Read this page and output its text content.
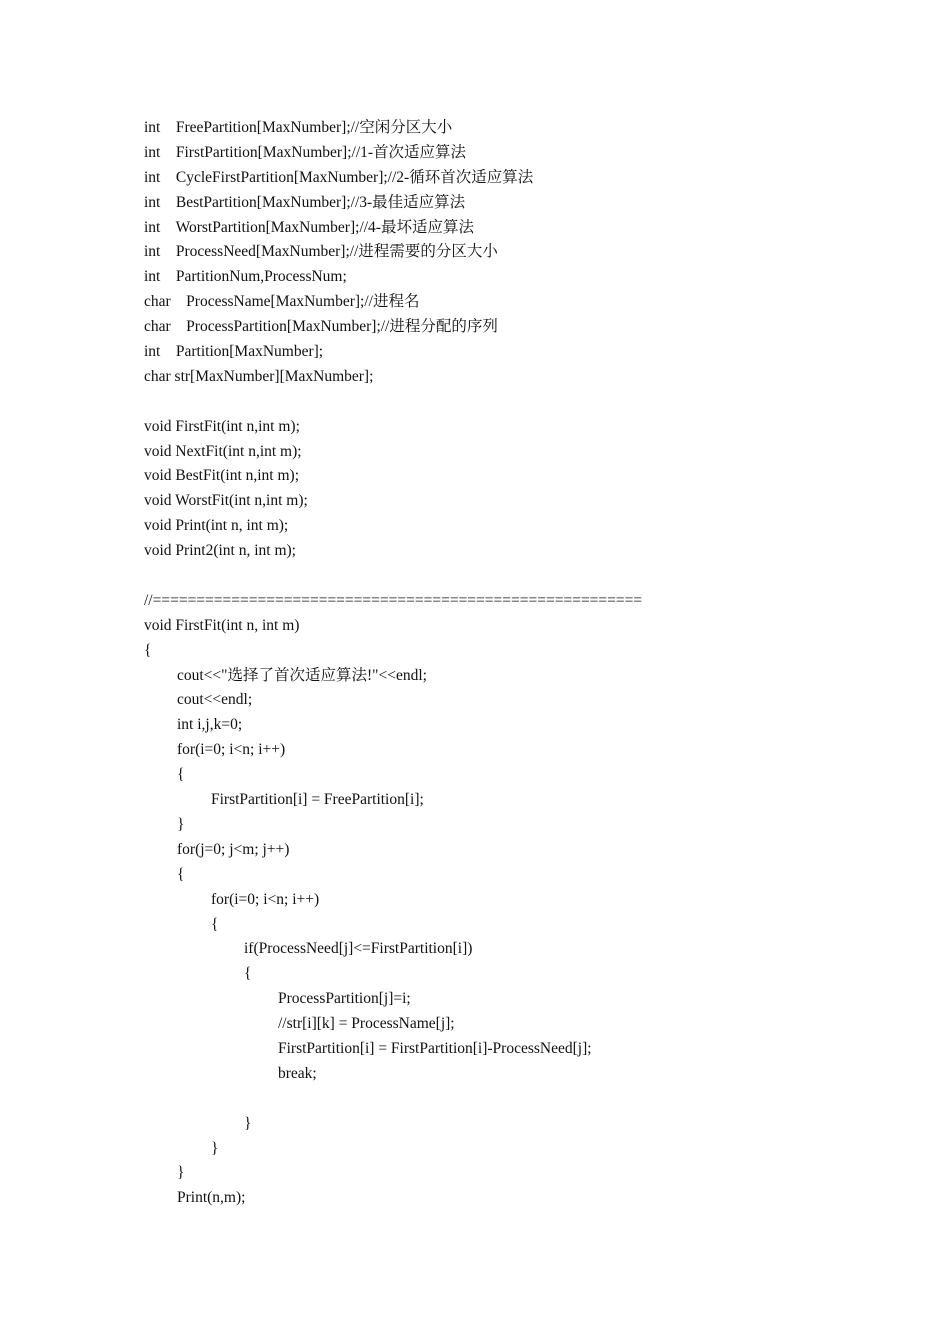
int    FreePartition[MaxNumber];//空闲分区大小
int    FirstPartition[MaxNumber];//1-首次适应算法
int    CycleFirstPartition[MaxNumber];//2-循环首次适应算法
int    BestPartition[MaxNumber];//3-最佳适应算法
int    WorstPartition[MaxNumber];//4-最坏适应算法
int    ProcessNeed[MaxNumber];//进程需要的分区大小
int    PartitionNum,ProcessNum;
char    ProcessName[MaxNumber];//进程名
char    ProcessPartition[MaxNumber];//进程分配的序列
int    Partition[MaxNumber];
char str[MaxNumber][MaxNumber];
void FirstFit(int n,int m);
void NextFit(int n,int m);
void BestFit(int n,int m);
void WorstFit(int n,int m);
void Print(int n, int m);
void Print2(int n, int m);
//========================================================
void FirstFit(int n, int m)
{
cout<<"选择了首次适应算法!"<<endl;
cout<<endl;
int i,j,k=0;
for(i=0; i<n; i++)
{
FirstPartition[i] = FreePartition[i];
}
for(j=0; j<m; j++)
{
for(i=0; i<n; i++)
{
if(ProcessNeed[j]<=FirstPartition[i])
{
ProcessPartition[j]=i;
//str[i][k] = ProcessName[j];
FirstPartition[i] = FirstPartition[i]-ProcessNeed[j];
break;
}
}
}
Print(n,m);
